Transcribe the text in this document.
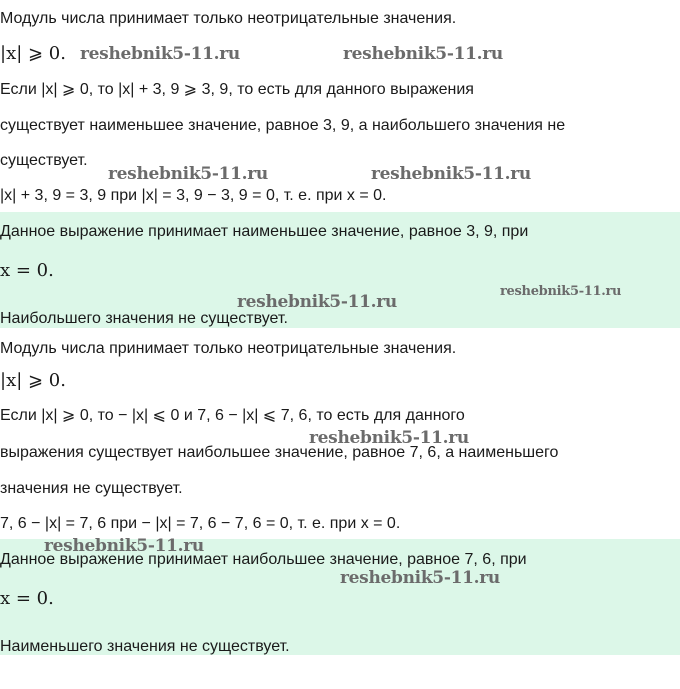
Модуль числа принимает только неотрицательные значения.
|x| ⩾ 0.
Если |x| ⩾ 0, то |x| + 3, 9 ⩾ 3, 9, то есть для данного выражения
существует наименьшее значение, равное 3, 9, а наибольшего значения не
существует.
|x| + 3, 9 = 3, 9 при |x| = 3, 9 − 3, 9 = 0, т. е. при x = 0.
Данное выражение принимает наименьшее значение, равное 3, 9, при
x = 0.
Наибольшего значения не существует.
Модуль числа принимает только неотрицательные значения.
|x| ⩾ 0.
Если |x| ⩾ 0, то − |x| ⩽ 0 и 7, 6 − |x| ⩽ 7, 6, то есть для данного
выражения существует наибольшее значение, равное 7, 6, а наименьшего
значения не существует.
7, 6 − |x| = 7, 6 при − |x| = 7, 6 − 7, 6 = 0, т. е. при x = 0.
Данное выражение принимает наибольшее значение, равное 7, 6, при
x = 0.
Наименьшего значения не существует.
reshebnik5-11.ru	reshebnik5-11.ru
reshebnik5-11.ru	reshebnik5-11.ru
reshebnik5-11.ru
reshebnik5-11.ru
reshebnik5-11.ru
reshebnik5-11.ru
reshebnik5-11.ru
